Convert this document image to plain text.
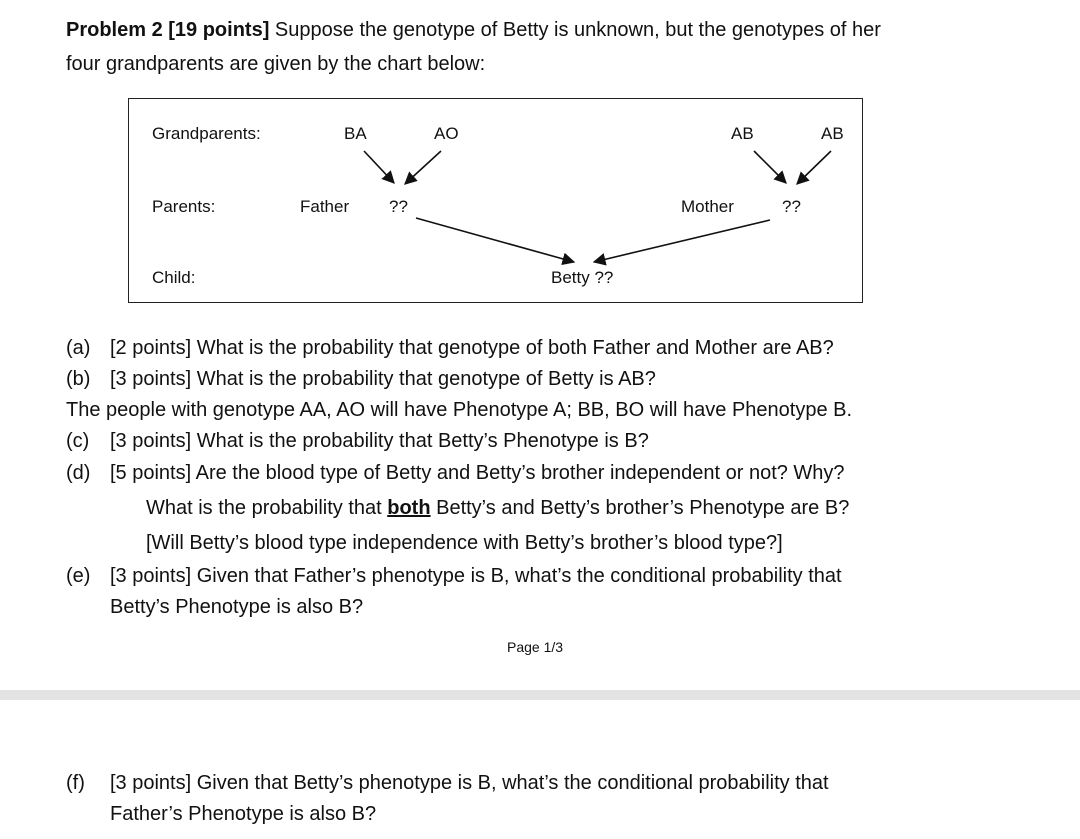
Problem 2 [19 points] Suppose the genotype of Betty is unknown, but the genotypes of her
four grandparents are given by the chart below:
Grandparents:
Parents:
Child:
BA	AO	AB	AB
Father ??	Mother	??
Betty ??
(a) [2 points] What is the probability that genotype of both Father and Mother are AB?
(b) [3 points] What is the probability that genotype of Betty is AB?
The people with genotype AA, AO will have Phenotype A; BB, BO will have Phenotype B.
(c) [3 points] What is the probability that Betty’s Phenotype is B?
(d) [5 points] Are the blood type of Betty and Betty’s brother independent or not? Why?
What is the probability that both Betty’s and Betty’s brother’s Phenotype are B?
[Will Betty’s blood type independence with Betty’s brother’s blood type?]
(e) [3 points] Given that Father’s phenotype is B, what’s the conditional probability that
Betty’s Phenotype is also B?
Page 1/3
(f) [3 points] Given that Betty’s phenotype is B, what’s the conditional probability that
Father’s Phenotype is also B?
